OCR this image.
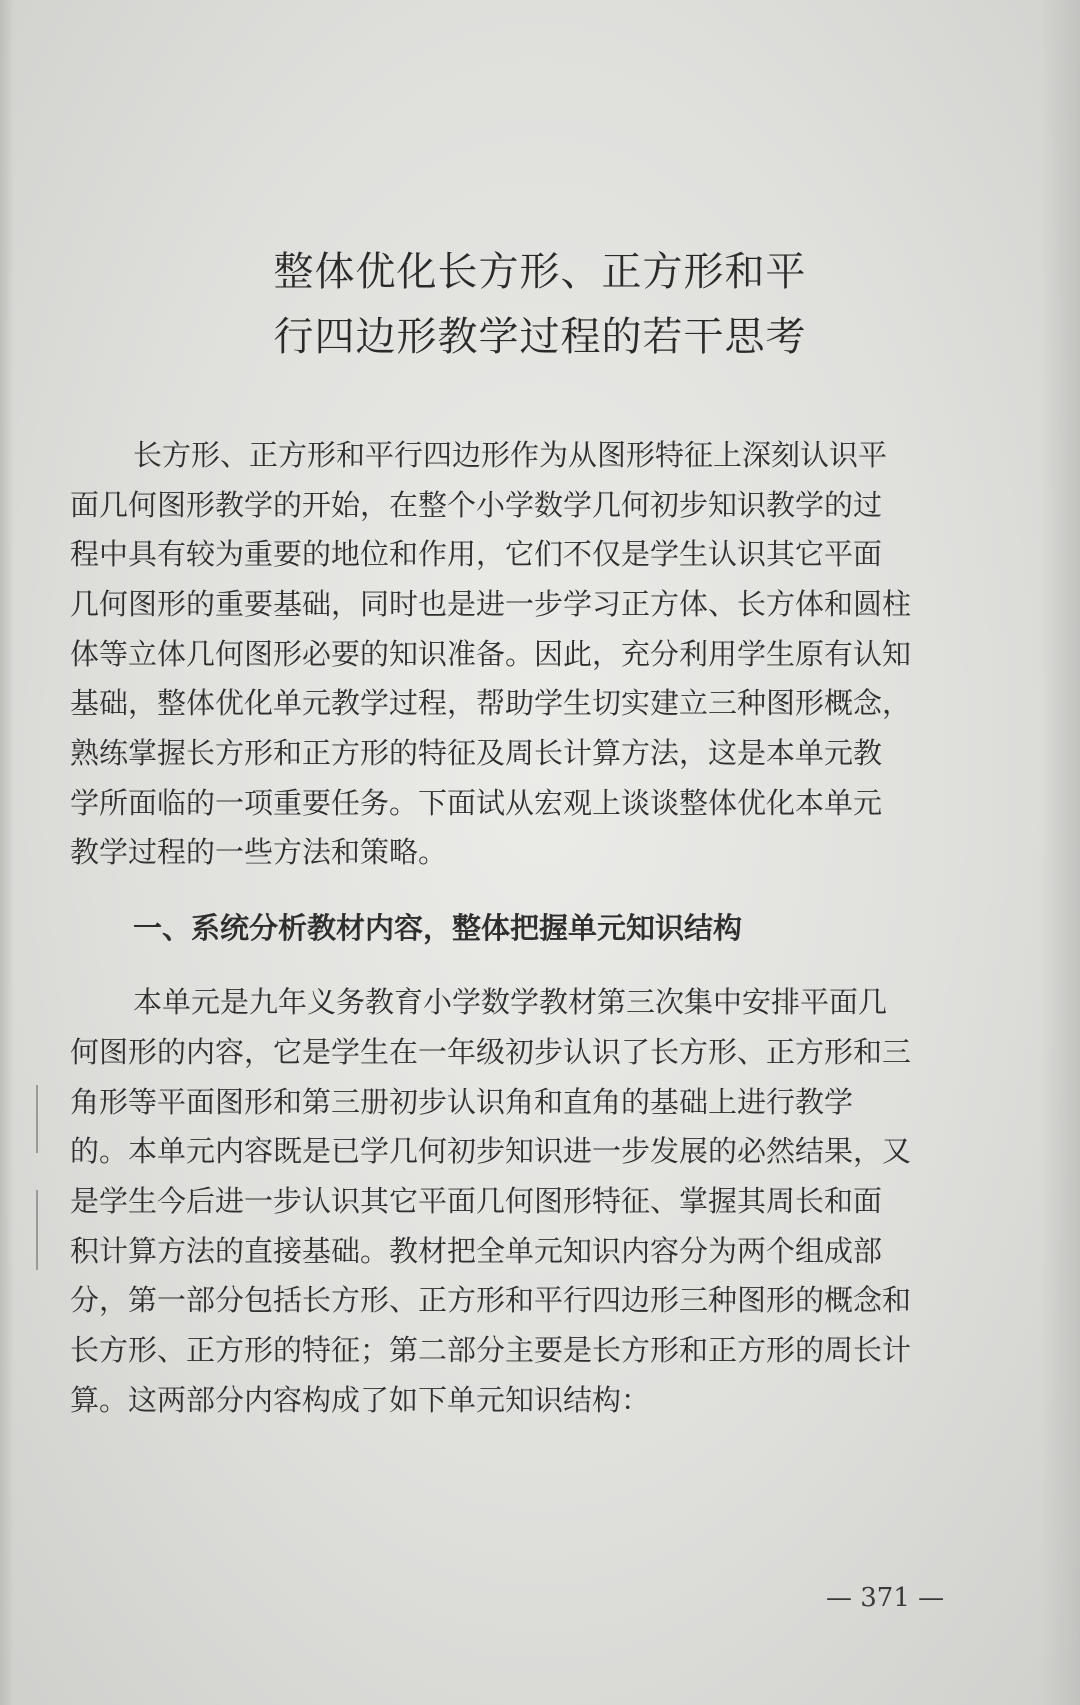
整体优化长方形、正方形和平
行四边形教学过程的若干思考
长方形、正方形和平行四边形作为从图形特征上深刻认识平
面几何图形教学的开始，在整个小学数学几何初步知识教学的过
程中具有较为重要的地位和作用，它们不仅是学生认识其它平面
几何图形的重要基础，同时也是进一步学习正方体、长方体和圆柱
体等立体几何图形必要的知识准备。因此，充分利用学生原有认知
基础，整体优化单元教学过程，帮助学生切实建立三种图形概念，
熟练掌握长方形和正方形的特征及周长计算方法，这是本单元教
学所面临的一项重要任务。下面试从宏观上谈谈整体优化本单元
教学过程的一些方法和策略。
一、系统分析教材内容，整体把握单元知识结构
本单元是九年义务教育小学数学教材第三次集中安排平面几
何图形的内容，它是学生在一年级初步认识了长方形、正方形和三
角形等平面图形和第三册初步认识角和直角的基础上进行教学
的。本单元内容既是已学几何初步知识进一步发展的必然结果，又
是学生今后进一步认识其它平面几何图形特征、掌握其周长和面
积计算方法的直接基础。教材把全单元知识内容分为两个组成部
分，第一部分包括长方形、正方形和平行四边形三种图形的概念和
长方形、正方形的特征；第二部分主要是长方形和正方形的周长计
算。这两部分内容构成了如下单元知识结构：
— 371 —
